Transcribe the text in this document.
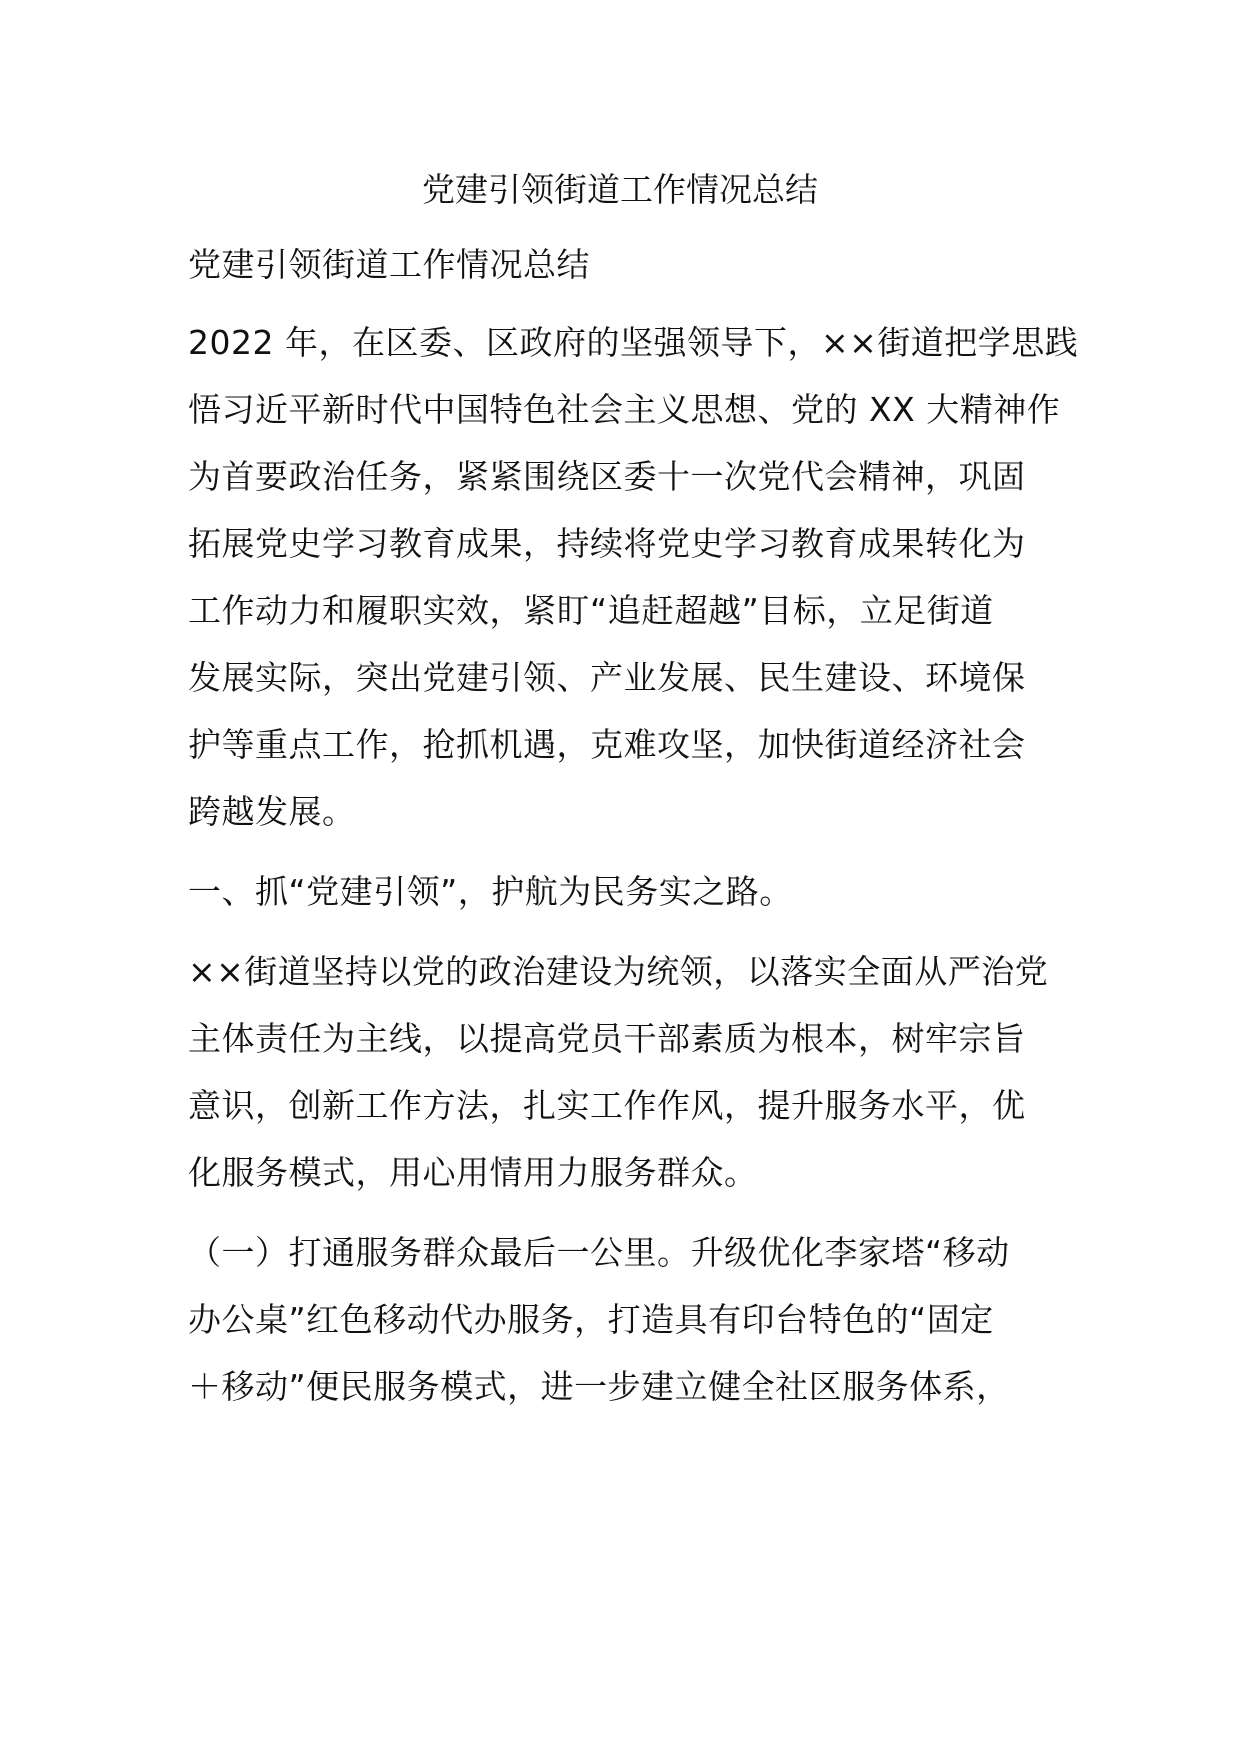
党建引领街道工作情况总结

党建引领街道工作情况总结

2022 年，在区委、区政府的坚强领导下，××街道把学思践

悟习近平新时代中国特色社会主义思想、党的 XX 大精神作

为首要政治任务，紧紧围绕区委十一次党代会精神，巩固

拓展党史学习教育成果，持续将党史学习教育成果转化为

工作动力和履职实效，紧盯“追赶超越”目标，立足街道

发展实际，突出党建引领、产业发展、民生建设、环境保

护等重点工作，抢抓机遇，克难攻坚，加快街道经济社会

跨越发展。

一、抓“党建引领”，护航为民务实之路。

××街道坚持以党的政治建设为统领，以落实全面从严治党

主体责任为主线，以提高党员干部素质为根本，树牢宗旨

意识，创新工作方法，扎实工作作风，提升服务水平，优

化服务模式，用心用情用力服务群众。

（一）打通服务群众最后一公里。升级优化李家塔“移动

办公桌”红色移动代办服务，打造具有印台特色的“固定

＋移动”便民服务模式，进一步建立健全社区服务体系，
